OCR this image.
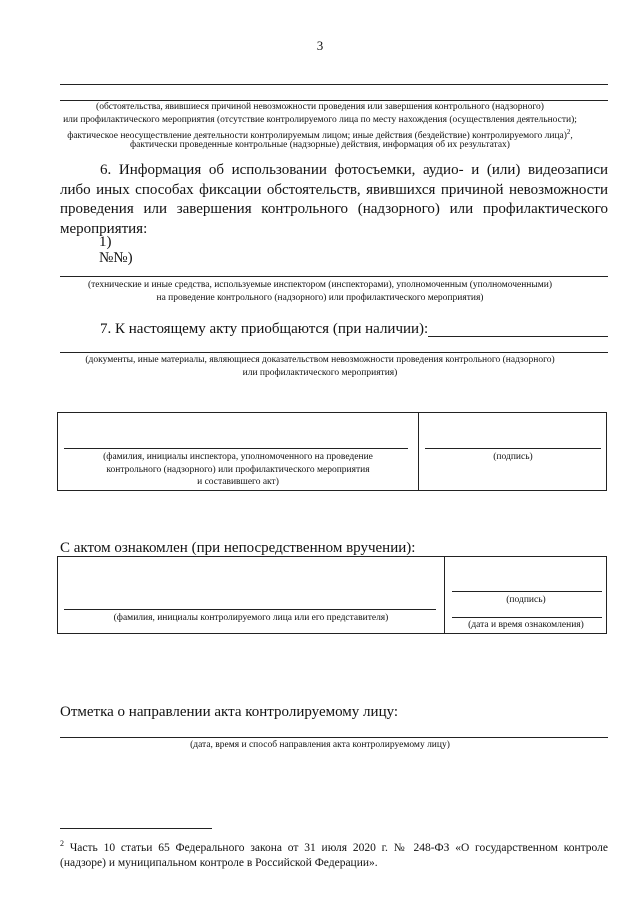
3
(обстоятельства, явившиеся причиной невозможности проведения или завершения контрольного (надзорного)
или профилактического мероприятия (отсутствие контролируемого лица по месту нахождения (осуществления деятельности);
фактическое неосуществление деятельности контролируемым лицом; иные действия (бездействие) контролируемого лица)$^2$,
фактически проведенные контрольные (надзорные) действия, информация об их результатах)
6. Информация об использовании фотосъемки, аудио- и (или) видеозаписи
либо иных способах фиксации обстоятельств, явившихся причиной невозможности
проведения или завершения контрольного (надзорного) или профилактического
мероприятия:
1)
№№)
(технические и иные средства, используемые инспектором (инспекторами), уполномоченным (уполномоченными)
на проведение контрольного (надзорного) или профилактического мероприятия)
7. К настоящему акту приобщаются (при наличии):
(документы, иные материалы, являющиеся доказательством невозможности проведения контрольного (надзорного)
или профилактического мероприятия)
(фамилия, инициалы инспектора, уполномоченного на проведение
контрольного (надзорного) или профилактического мероприятия
и составившего акт)
(подпись)
С актом ознакомлен (при непосредственном вручении):
(фамилия, инициалы контролируемого лица или его представителя)
(подпись)
(дата и время ознакомления)
Отметка о направлении акта контролируемому лицу:
(дата, время и способ направления акта контролируемому лицу)
$^2$ Часть 10 статьи 65 Федерального закона от 31 июля 2020 г. № 248-ФЗ «О государственном контроле
(надзоре) и муниципальном контроле в Российской Федерации».
